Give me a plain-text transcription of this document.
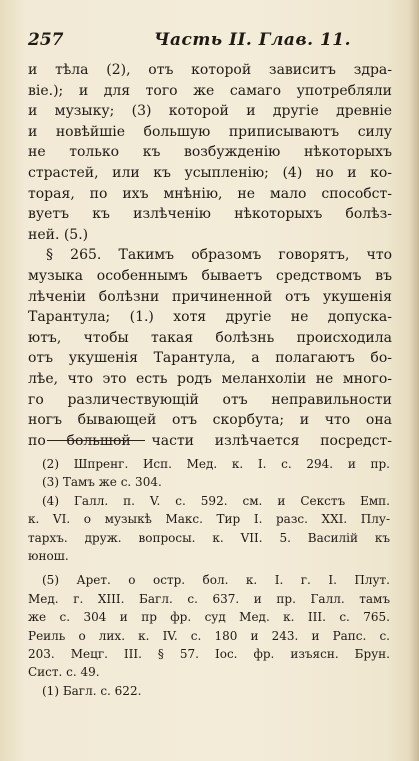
257	Часть II. Глав. 11.
и тѣла (2), отъ которой зависитъ здра-
віе.); и для того же самаго употребляли
и музыку; (3) которой и другіе древніе
и новѣйшіе большую приписываютъ силу
не только къ возбужденію нѣкоторыхъ
страстей, или къ усыпленію; (4) но и ко-
торая, по ихъ мнѣнію, не мало способст-
вуетъ къ излѣченію нѣкоторыхъ болѣз-
ней. (5.)
§ 265. Такимъ образомъ говорятъ, что
музыка особеннымъ бываетъ средствомъ въ
лѣченіи болѣзни причиненной отъ укушенія
Тарантула; (1.) хотя другіе не допуска-
ютъ, чтобы такая болѣзнь происходила
отъ укушенія Тарантула, а полагаютъ бо-
лѣе, что это есть родъ меланхоліи не много-
го различествующій отъ неправильности
ногъ бывающей отъ скорбута; и что она
по большой части излѣчается посредст-
(2) Шпренг. Исп. Мед. к. I. с. 294. и пр.
(3) Тамъ же с. 304.
(4) Галл. п. V. с. 592. см. и Секстъ Емп.
к. VI. о музыкѣ Макс. Тир I. разс. XXI. Плу-
тархъ. друж. вопросы. к. VII. 5. Василій къ
юнош.
(5) Арет. о остр. бол. к. I. г. I. Плут.
Мед. г. XIII. Багл. с. 637. и пр. Галл. тамъ
же с. 304 и пр фр. суд Мед. к. III. с. 765.
Реиль о лих. к. IV. с. 180 и 243. и Рапс. с.
203. Мецг. III. § 57. Іос. фр. изъясн. Брун.
Сист. с. 49.
(1) Багл. с. 622.
